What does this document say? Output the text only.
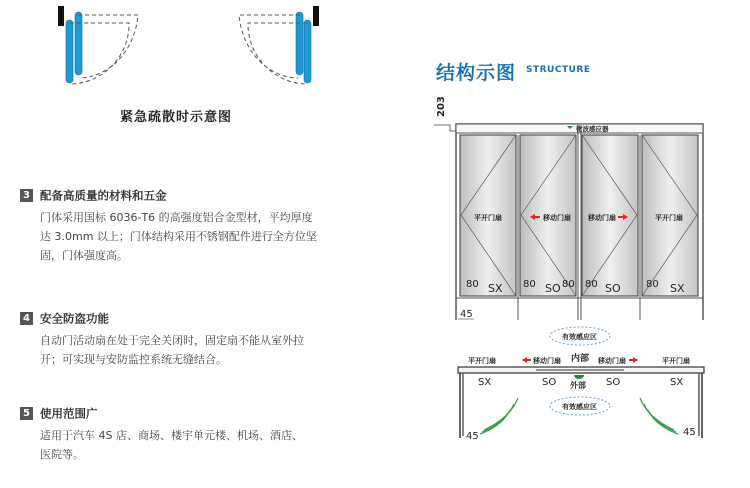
紧急疏散时示意图
3 配备高质量的材料和五金
门体采用国标 6036-T6 的高强度铝合金型材，平均厚度
达 3.0mm 以上；门体结构采用不锈钢配件进行全方位坚
固，门体强度高。
4 安全防盗功能
自动门活动扇在处于完全关闭时，固定扇不能从室外拉
开；可实现与安防监控系统无缝结合。
5 使用范围广
适用于汽车 4S 店、商场、楼宇单元楼、机场、酒店、
医院等。
结构示图 STRUCTURE
203
微波感应器
平开门扇	移动门扇 移动门扇	平开门扇
80 SX 80 SO 80 80 SO	80 SX
45
有效感应区
平开门扇	移动门扇 内部 移动门扇	平开门扇
SX	SO 外部 SO	SX
有效感应区
45	45
